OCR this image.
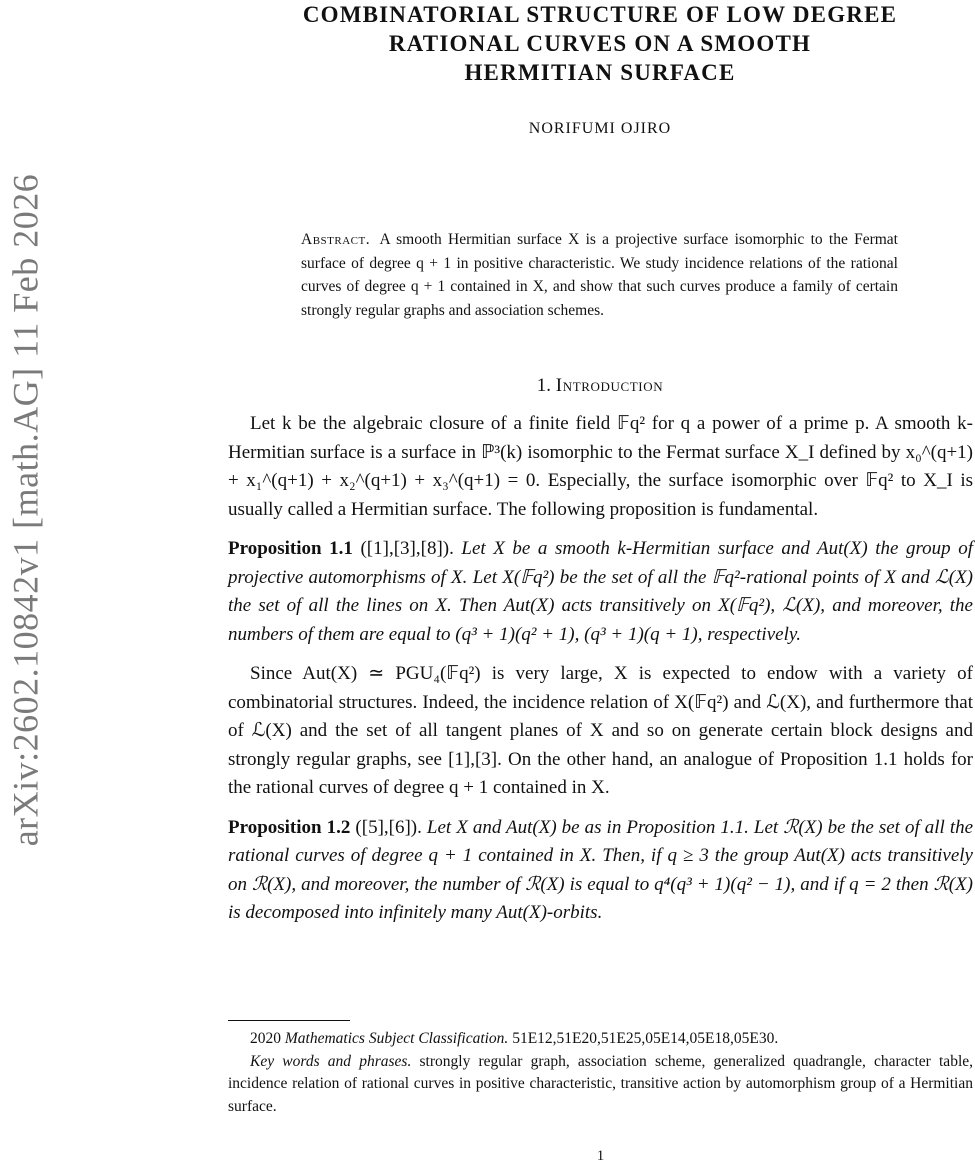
arXiv:2602.10842v1 [math.AG] 11 Feb 2026
COMBINATORIAL STRUCTURE OF LOW DEGREE
RATIONAL CURVES ON A SMOOTH
HERMITIAN SURFACE
NORIFUMI OJIRO
Abstract. A smooth Hermitian surface X is a projective surface isomorphic to the Fermat surface of degree q + 1 in positive characteristic. We study incidence relations of the rational curves of degree q + 1 contained in X, and show that such curves produce a family of certain strongly regular graphs and association schemes.
1. Introduction

Let k be the algebraic closure of a finite field 𝔽q² for q a power of a prime p. A smooth k-Hermitian surface is a surface in ℙ³(k) isomorphic to the Fermat surface X_I defined by x₀^(q+1) + x₁^(q+1) + x₂^(q+1) + x₃^(q+1) = 0. Especially, the surface isomorphic over 𝔽q² to X_I is usually called a Hermitian surface. The following proposition is fundamental.

Proposition 1.1 ([1],[3],[8]). Let X be a smooth k-Hermitian surface and Aut(X) the group of projective automorphisms of X. Let X(𝔽q²) be the set of all the 𝔽q²-rational points of X and ℒ(X) the set of all the lines on X. Then Aut(X) acts transitively on X(𝔽q²), ℒ(X), and moreover, the numbers of them are equal to (q³ + 1)(q² + 1), (q³ + 1)(q + 1), respectively.

Since Aut(X) ≃ PGU₄(𝔽q²) is very large, X is expected to endow with a variety of combinatorial structures. Indeed, the incidence relation of X(𝔽q²) and ℒ(X), and furthermore that of ℒ(X) and the set of all tangent planes of X and so on generate certain block designs and strongly regular graphs, see [1],[3]. On the other hand, an analogue of Proposition 1.1 holds for the rational curves of degree q + 1 contained in X.

Proposition 1.2 ([5],[6]). Let X and Aut(X) be as in Proposition 1.1. Let ℛ(X) be the set of all the rational curves of degree q + 1 contained in X. Then, if q ≥ 3 the group Aut(X) acts transitively on ℛ(X), and moreover, the number of ℛ(X) is equal to q⁴(q³ + 1)(q² − 1), and if q = 2 then ℛ(X) is decomposed into infinitely many Aut(X)-orbits.

2020 Mathematics Subject Classification. 51E12,51E20,51E25,05E14,05E18,05E30.

Key words and phrases. strongly regular graph, association scheme, generalized quadrangle, character table, incidence relation of rational curves in positive characteristic, transitive action by automorphism group of a Hermitian surface.

1
